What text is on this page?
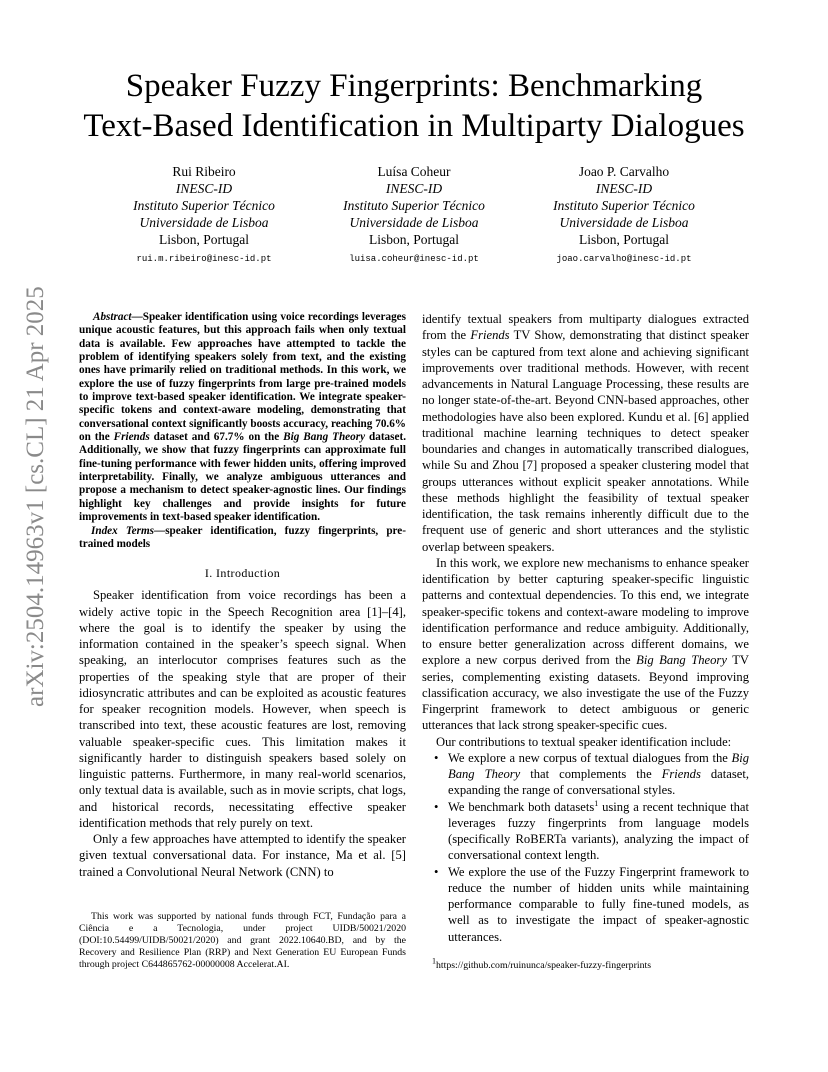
arXiv:2504.14963v1 [cs.CL] 21 Apr 2025
Speaker Fuzzy Fingerprints: Benchmarking
Text-Based Identification in Multiparty Dialogues
Rui Ribeiro
INESC-ID
Instituto Superior Técnico
Universidade de Lisboa
Lisbon, Portugal
rui.m.ribeiro@inesc-id.pt
Luísa Coheur
INESC-ID
Instituto Superior Técnico
Universidade de Lisboa
Lisbon, Portugal
luisa.coheur@inesc-id.pt
Joao P. Carvalho
INESC-ID
Instituto Superior Técnico
Universidade de Lisboa
Lisbon, Portugal
joao.carvalho@inesc-id.pt

Abstract—Speaker identification using voice recordings leverages unique acoustic features, but this approach fails when only textual data is available. Few approaches have attempted to tackle the problem of identifying speakers solely from text, and the existing ones have primarily relied on traditional methods. In this work, we explore the use of fuzzy fingerprints from large pre-trained models to improve text-based speaker identification. We integrate speaker-specific tokens and context-aware modeling, demonstrating that conversational context significantly boosts accuracy, reaching 70.6% on the Friends dataset and 67.7% on the Big Bang Theory dataset. Additionally, we show that fuzzy fingerprints can approximate full fine-tuning performance with fewer hidden units, offering improved interpretability. Finally, we analyze ambiguous utterances and propose a mechanism to detect speaker-agnostic lines. Our findings highlight key challenges and provide insights for future improvements in text-based speaker identification.

Index Terms—speaker identification, fuzzy fingerprints, pre-trained models

I. Introduction

Speaker identification from voice recordings has been a widely active topic in the Speech Recognition area [1]–[4], where the goal is to identify the speaker by using the information contained in the speaker’s speech signal. When speaking, an interlocutor comprises features such as the properties of the speaking style that are proper of their idiosyncratic attributes and can be exploited as acoustic features for speaker recognition models. However, when speech is transcribed into text, these acoustic features are lost, removing valuable speaker-specific cues. This limitation makes it significantly harder to distinguish speakers based solely on linguistic patterns. Furthermore, in many real-world scenarios, only textual data is available, such as in movie scripts, chat logs, and historical records, necessitating effective speaker identification methods that rely purely on text.

Only a few approaches have attempted to identify the speaker given textual conversational data. For instance, Ma et al. [5] trained a Convolutional Neural Network (CNN) to

identify textual speakers from multiparty dialogues extracted from the Friends TV Show, demonstrating that distinct speaker styles can be captured from text alone and achieving significant improvements over traditional methods. However, with recent advancements in Natural Language Processing, these results are no longer state-of-the-art. Beyond CNN-based approaches, other methodologies have also been explored. Kundu et al. [6] applied traditional machine learning techniques to detect speaker boundaries and changes in automatically transcribed dialogues, while Su and Zhou [7] proposed a speaker clustering model that groups utterances without explicit speaker annotations. While these methods highlight the feasibility of textual speaker identification, the task remains inherently difficult due to the frequent use of generic and short utterances and the stylistic overlap between speakers.

In this work, we explore new mechanisms to enhance speaker identification by better capturing speaker-specific linguistic patterns and contextual dependencies. To this end, we integrate speaker-specific tokens and context-aware modeling to improve identification performance and reduce ambiguity. Additionally, to ensure better generalization across different domains, we explore a new corpus derived from the Big Bang Theory TV series, complementing existing datasets. Beyond improving classification accuracy, we also investigate the use of the Fuzzy Fingerprint framework to detect ambiguous or generic utterances that lack strong speaker-specific cues.

Our contributions to textual speaker identification include:

• We explore a new corpus of textual dialogues from the Big Bang Theory that complements the Friends dataset, expanding the range of conversational styles.
• We benchmark both datasets$^1$ using a recent technique that leverages fuzzy fingerprints from language models (specifically RoBERTa variants), analyzing the impact of conversational context length.
• We explore the use of the Fuzzy Fingerprint framework to reduce the number of hidden units while maintaining performance comparable to fully fine-tuned models, as well as to investigate the impact of speaker-agnostic utterances.

This work was supported by national funds through FCT, Fundação para a Ciência e a Tecnologia, under project UIDB/50021/2020 (DOI:10.54499/UIDB/50021/2020) and grant 2022.10640.BD, and by the Recovery and Resilience Plan (RRP) and Next Generation EU European Funds through project C644865762-00000008 Accelerat.AI.	$^1$https://github.com/ruinunca/speaker-fuzzy-fingerprints
